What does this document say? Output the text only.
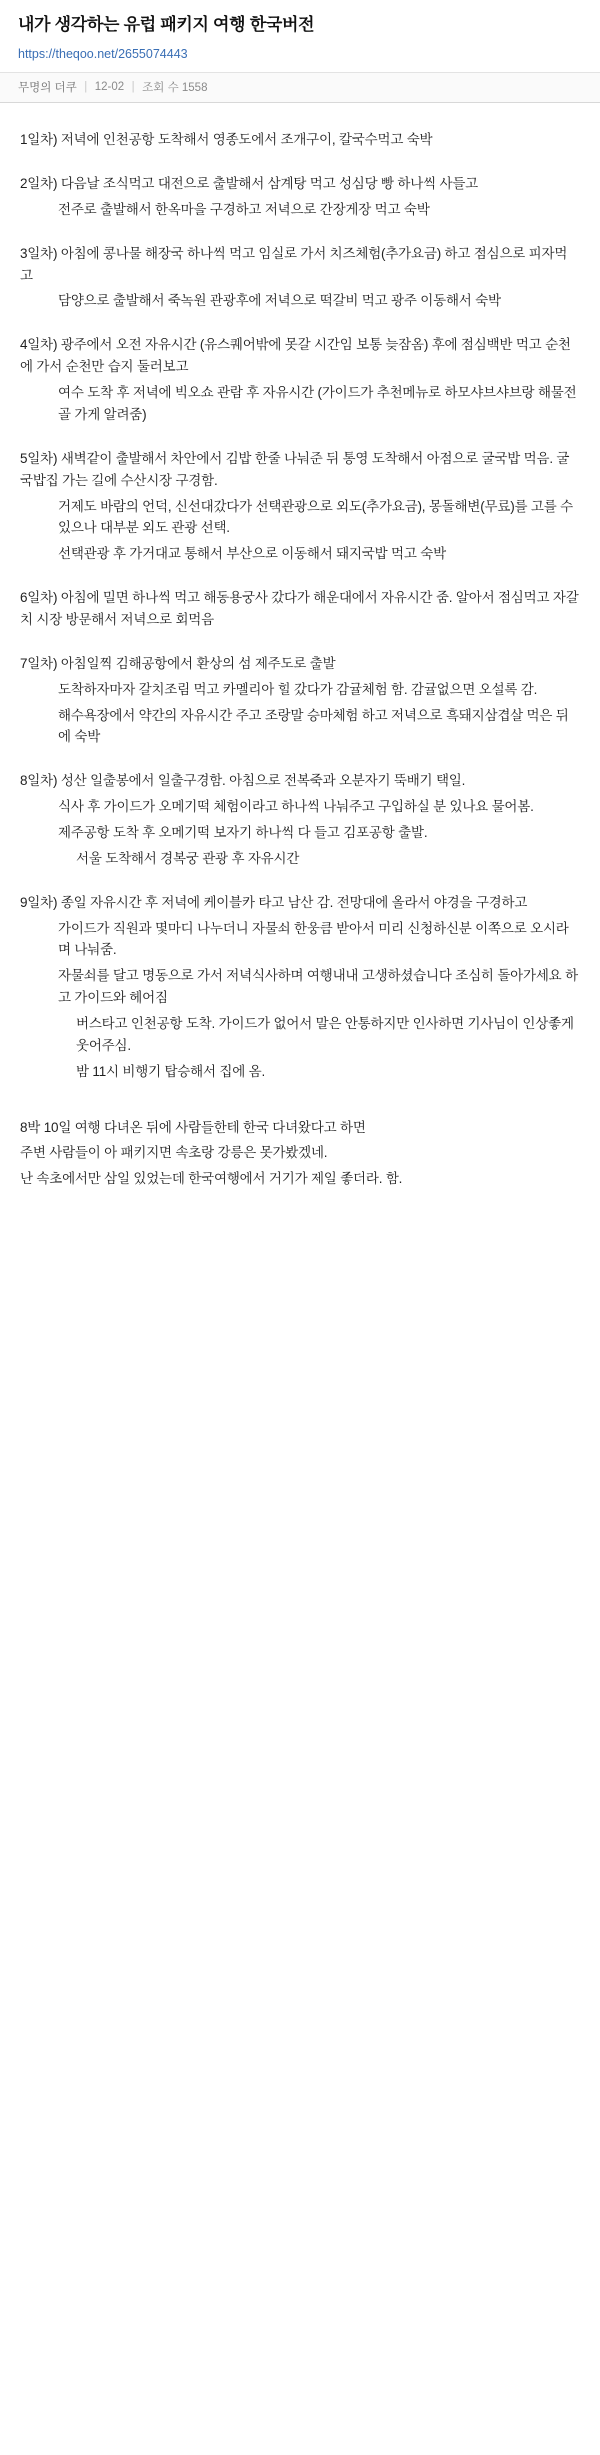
내가 생각하는 유럽 패키지 여행 한국버전
https://theqoo.net/2655074443
무명의 더쿠 | 12-02 | 조회 수 1558
1일차) 저녁에 인천공항 도착해서 영종도에서 조개구이, 칼국수먹고 숙박
2일차) 다음날 조식먹고 대전으로 출발해서 삼계탕 먹고 성심당 빵 하나씩 사들고
전주로 출발해서 한옥마을 구경하고 저녁으로 간장게장 먹고 숙박
3일차) 아침에 콩나물 해장국 하나씩 먹고 임실로 가서 치즈체험(추가요금) 하고 점심으로 피자먹고
담양으로 출발해서 죽녹원 관광후에 저녁으로 떡갈비 먹고 광주 이동해서 숙박
4일차) 광주에서 오전 자유시간 (유스퀘어밖에 못갈 시간임 보통 늦잠옴) 후에 점심백반 먹고 순천에 가서 순천만 습지 둘러보고
여수 도착 후 저녁에 빅오쇼 관람 후 자유시간 (가이드가 추천메뉴로 하모샤브샤브랑 해물전골 가게 알려줌)
5일차) 새벽같이 출발해서 차안에서 김밥 한줄 나눠준 뒤 통영 도착해서 아점으로 굴국밥 먹음. 굴국밥집 가는 길에 수산시장 구경함.
거제도 바람의 언덕, 신선대갔다가 선택관광으로 외도(추가요금), 몽돌해변(무료)를 고를 수 있으나 대부분 외도 관광 선택.
선택관광 후 가거대교 통해서 부산으로 이동해서 돼지국밥 먹고 숙박
6일차) 아침에 밀면 하나씩 먹고 해동용궁사 갔다가 해운대에서 자유시간 줌. 알아서 점심먹고 자갈치 시장 방문해서 저녁으로 회먹음
7일차) 아침일찍 김해공항에서 환상의 섬 제주도로 출발
도착하자마자 갈치조림 먹고 카멜리아 힐 갔다가 감귤체험 함. 감귤없으면 오설록 감.
해수욕장에서 약간의 자유시간 주고 조랑말 승마체험 하고 저녁으로 흑돼지삼겹살 먹은 뒤에 숙박
8일차) 성산 일출봉에서 일출구경함. 아침으로 전복죽과 오분자기 뚝배기 택일.
식사 후 가이드가 오메기떡 체험이라고 하나씩 나눠주고 구입하실 분 있나요 물어봄.
제주공항 도착 후 오메기떡 보자기 하나씩 다 들고 김포공항 출발.
서울 도착해서 경복궁 관광 후 자유시간
9일차) 종일 자유시간 후 저녁에 케이블카 타고 남산 감. 전망대에 올라서 야경을 구경하고
가이드가 직원과 몇마디 나누더니 자물쇠 한웅큼 받아서 미리 신청하신분 이쪽으로 오시라며 나눠줌.
자물쇠를 달고 명동으로 가서 저녁식사하며 여행내내 고생하셨습니다 조심히 돌아가세요 하고 가이드와 헤어짐
버스타고 인천공항 도착. 가이드가 없어서 말은 안통하지만 인사하면 기사님이 인상좋게 웃어주심.
밤 11시 비행기 탑승해서 집에 옴.
8박 10일 여행 다녀온 뒤에 사람들한테 한국 다녀왔다고 하면
주변 사람들이 아 패키지면 속초랑 강릉은 못가봤겠네.
난 속초에서만 삼일 있었는데 한국여행에서 거기가 제일 좋더라. 함.
